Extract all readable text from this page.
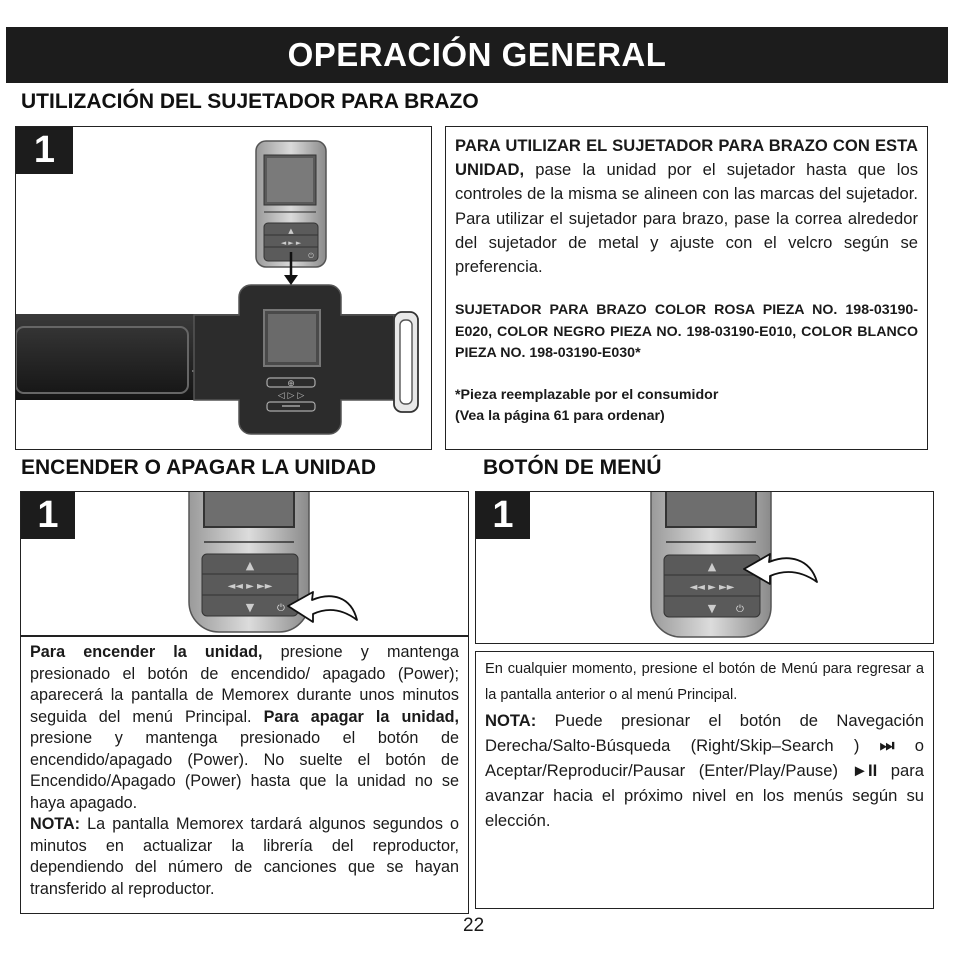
OPERACIÓN GENERAL
UTILIZACIÓN DEL SUJETADOR PARA BRAZO
1
⊕
◁ ▷ ▷
▲
◄ ► ►
⏻
PARA UTILIZAR EL SUJETADOR PARA BRAZO CON ESTA UNIDAD, pase la unidad por el sujetador hasta que los controles de la misma se alineen con las marcas del sujetador. Para utilizar el sujetador para brazo, pase la correa alrededor del sujetador de metal y ajuste con el velcro según se preferencia.
SUJETADOR PARA BRAZO COLOR ROSA PIEZA NO. 198-03190-E020, COLOR NEGRO PIEZA NO. 198-03190-E010, COLOR BLANCO PIEZA NO. 198-03190-E030*
*Pieza reemplazable por el consumidor
(Vea la página 61 para ordenar)
ENCENDER O APAGAR LA UNIDAD	BOTÓN DE MENÚ
1
▲
◄◄ ► ►►
▼ ⏻
Para encender la unidad, presione y mantenga presionado el botón de encendido/ apagado (Power); aparecerá la pantalla de Memorex durante unos minutos seguida del menú Principal. Para apagar la unidad, presione y mantenga presionado el botón de encendido/apagado (Power). No suelte el botón de Encendido/Apagado (Power) hasta que la unidad no se haya apagado.
NOTA: La pantalla Memorex tardará algunos segundos o minutos en actualizar la librería del reproductor, dependiendo del número de canciones que se hayan transferido al reproductor.
1
▲
◄◄ ► ►►
▼ ⏻
En cualquier momento, presione el botón de Menú para regresar a la pantalla anterior o al menú Principal.
NOTA: Puede presionar el botón de Navegación Derecha/Salto-Búsqueda (Right/Skip–Search ) ⏭ o Aceptar/Reproducir/Pausar (Enter/Play/Pause) ►II para avanzar hacia el próximo nivel en los menús según su elección.
22
